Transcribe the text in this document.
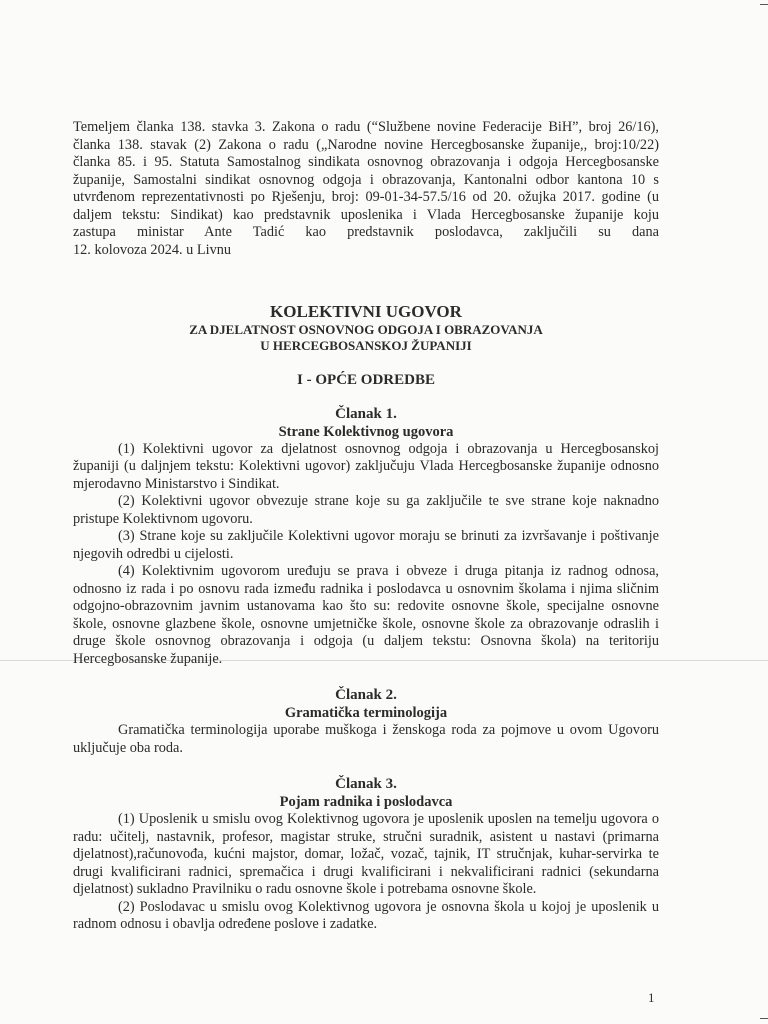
Temeljem članka 138. stavka 3. Zakona o radu (“Službene novine Federacije BiH”, broj 26/16),

članka 138. stavak (2) Zakona o radu („Narodne novine Hercegbosanske županije,, broj:10/22)

članka 85. i 95. Statuta Samostalnog sindikata osnovnog obrazovanja i odgoja Hercegbosanske

županije, Samostalni sindikat osnovnog odgoja i obrazovanja, Kantonalni odbor kantona 10 s

utvrđenom reprezentativnosti po Rješenju, broj: 09-01-34-57.5/16 od 20. ožujka 2017. godine (u

daljem tekstu: Sindikat) kao predstavnik uposlenika i Vlada Hercegbosanske županije koju

zastupa ministar Ante Tadić kao predstavnik poslodavca, zaključili su dana

12. kolovoza 2024. u Livnu

KOLEKTIVNI UGOVOR

ZA DJELATNOST OSNOVNOG ODGOJA I OBRAZOVANJA

U HERCEGBOSANSKOJ ŽUPANIJI

I - OPĆE ODREDBE

Članak 1.

Strane Kolektivnog ugovora

(1) Kolektivni ugovor za djelatnost osnovnog odgoja i obrazovanja u Hercegbosanskoj županiji (u daljnjem tekstu: Kolektivni ugovor) zaključuju Vlada Hercegbosanske županije odnosno mjerodavno Ministarstvo i Sindikat.

(2) Kolektivni ugovor obvezuje strane koje su ga zaključile te sve strane koje naknadno pristupe Kolektivnom ugovoru.

(3) Strane koje su zaključile Kolektivni ugovor moraju se brinuti za izvršavanje i poštivanje njegovih odredbi u cijelosti.

(4) Kolektivnim ugovorom uređuju se prava i obveze i druga pitanja iz radnog odnosa, odnosno iz rada i po osnovu rada između radnika i poslodavca u osnovnim školama i njima sličnim odgojno-obrazovnim javnim ustanovama kao što su: redovite osnovne škole, specijalne osnovne škole, osnovne glazbene škole, osnovne umjetničke škole, osnovne škole za obrazovanje odraslih i druge škole osnovnog obrazovanja i odgoja (u daljem tekstu: Osnovna škola) na teritoriju Hercegbosanske županije.

Članak 2.

Gramatička terminologija

Gramatička terminologija uporabe muškoga i ženskoga roda za pojmove u ovom Ugovoru uključuje oba roda.

Članak 3.

Pojam radnika i poslodavca

(1) Uposlenik u smislu ovog Kolektivnog ugovora je uposlenik uposlen na temelju ugovora o radu: učitelj, nastavnik, profesor, magistar struke, stručni suradnik, asistent u nastavi (primarna djelatnost),računovođa, kućni majstor, domar, ložač, vozač, tajnik, IT stručnjak, kuhar-servirka te drugi kvalificirani radnici, spremačica i drugi kvalificirani i nekvalificirani radnici (sekundarna djelatnost) sukladno Pravilniku o radu osnovne škole i potrebama osnovne škole.

(2) Poslodavac u smislu ovog Kolektivnog ugovora je osnovna škola u kojoj je uposlenik u radnom odnosu i obavlja određene poslove i zadatke.

1
